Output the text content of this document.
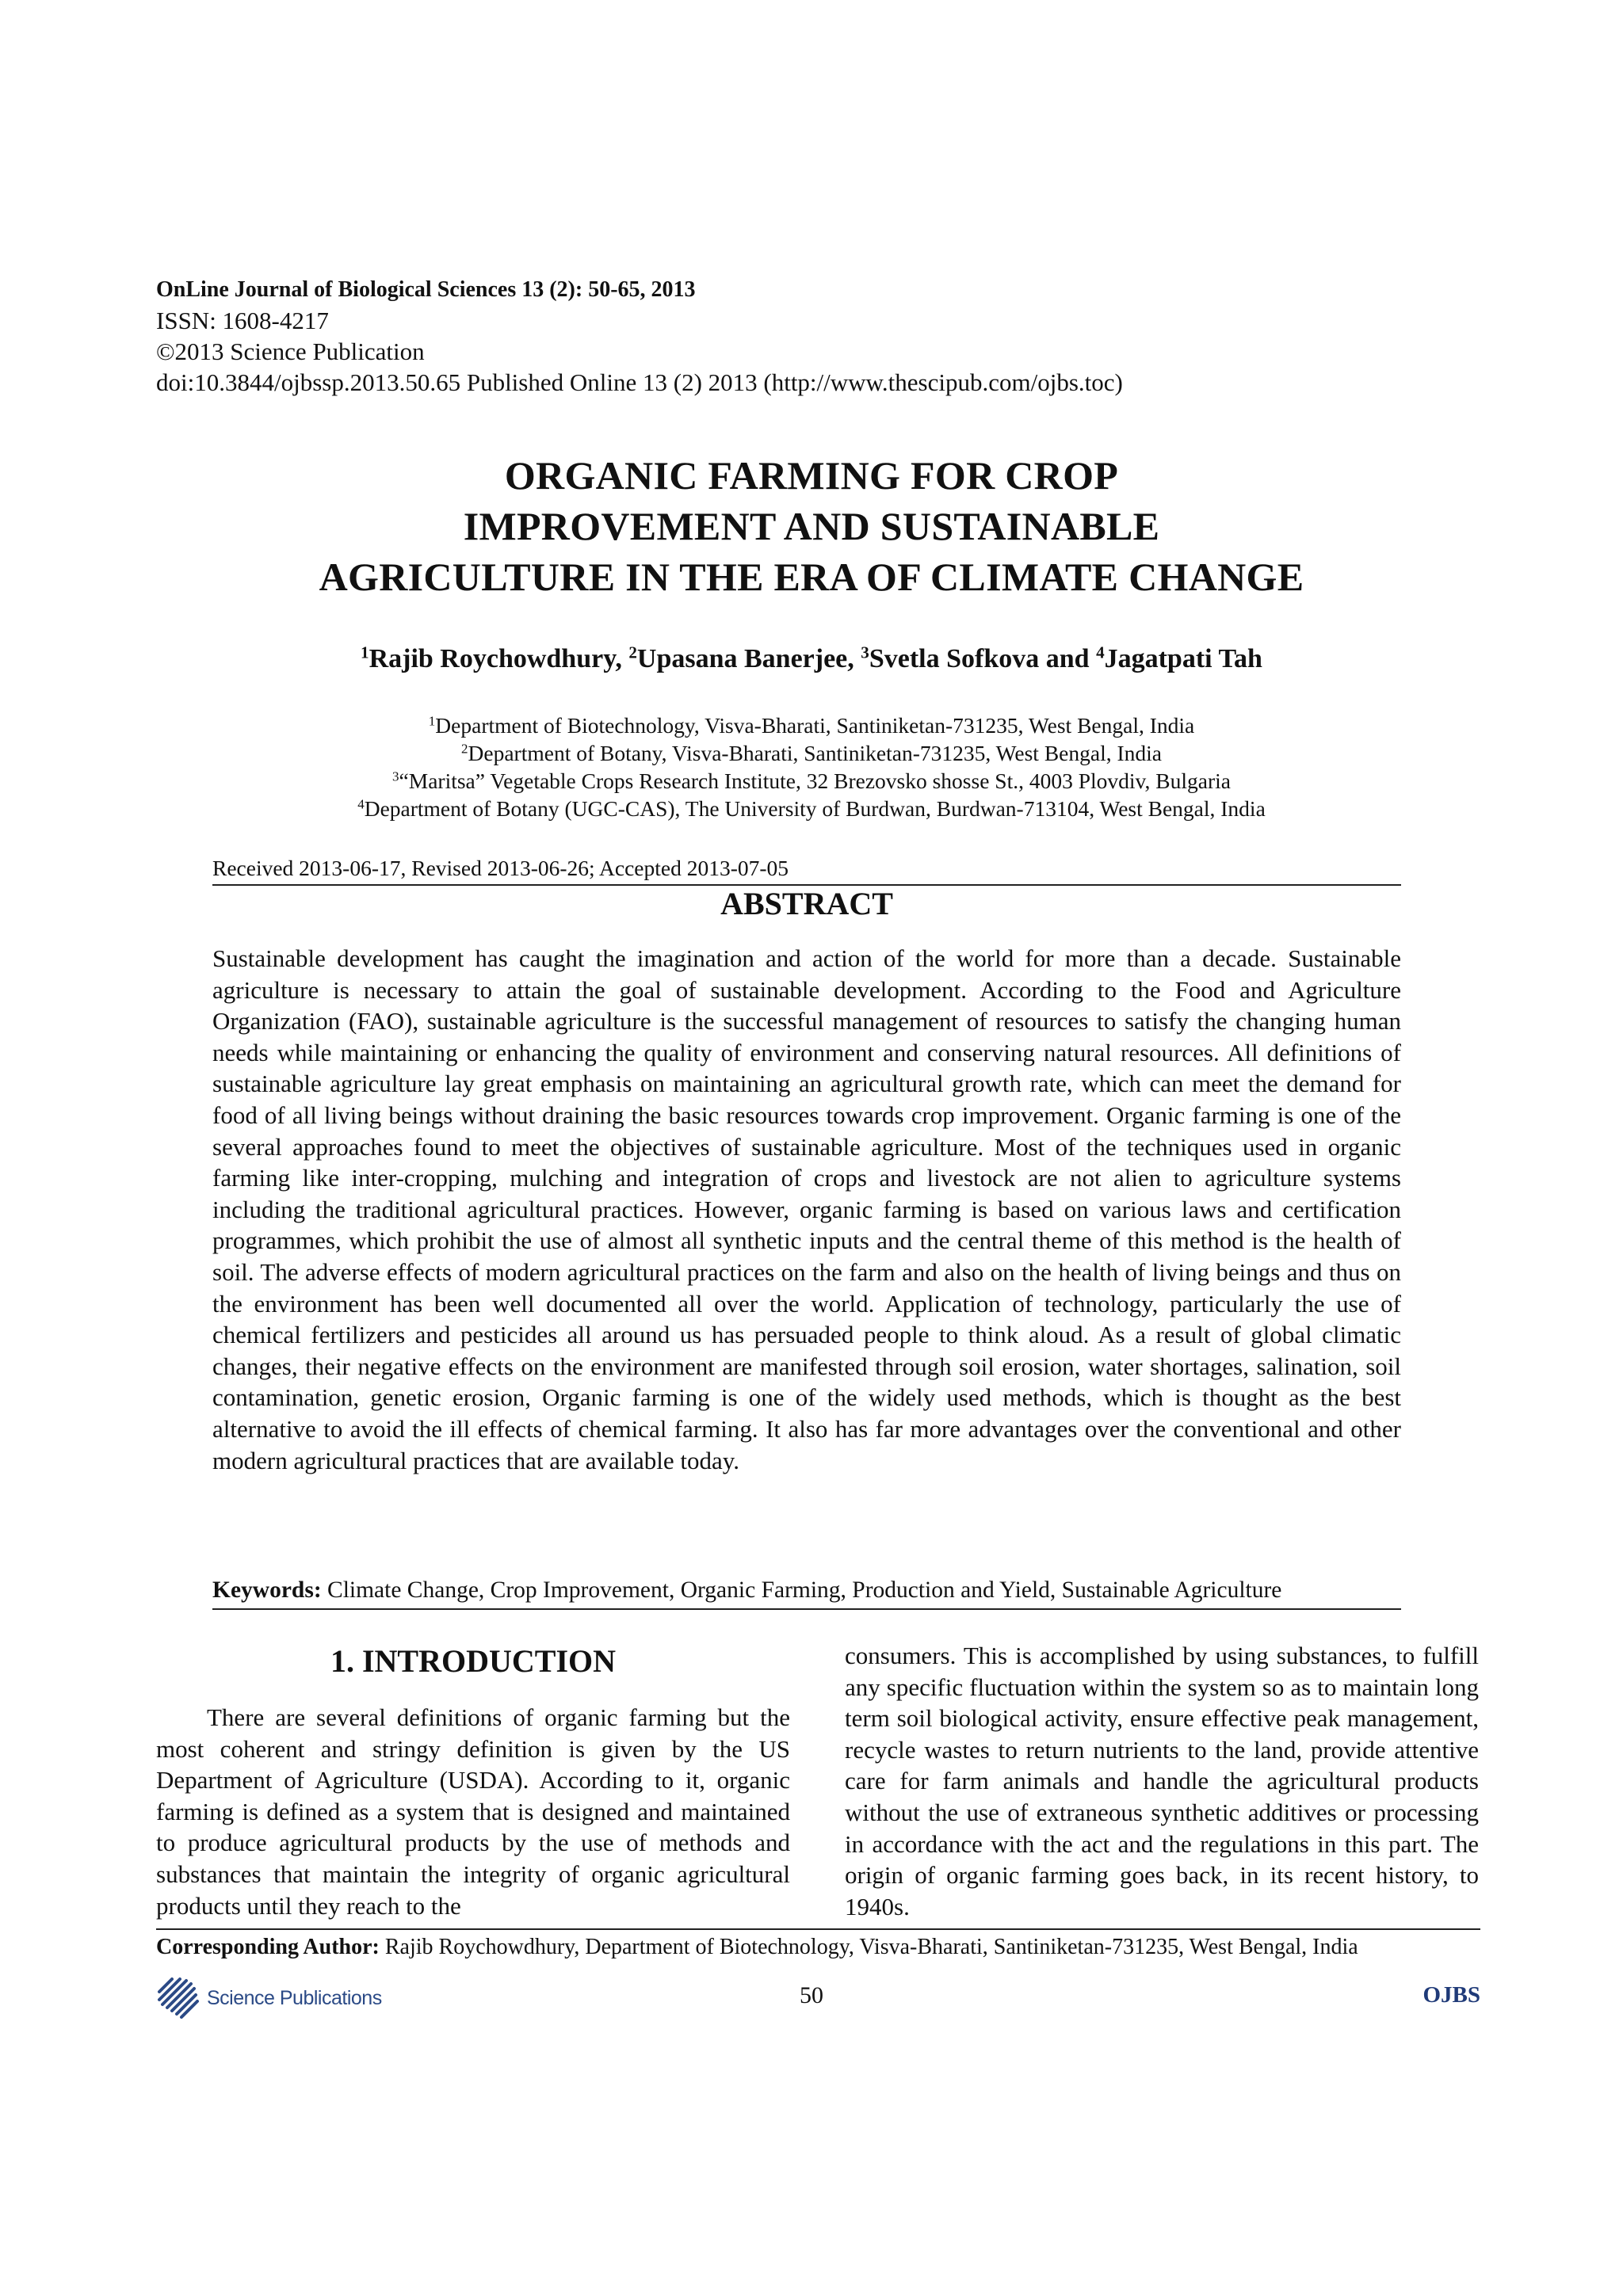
OnLine Journal of Biological Sciences 13 (2): 50-65, 2013
ISSN: 1608-4217
©2013 Science Publication
doi:10.3844/ojbssp.2013.50.65 Published Online 13 (2) 2013 (http://www.thescipub.com/ojbs.toc)
ORGANIC FARMING FOR CROP
IMPROVEMENT AND SUSTAINABLE
AGRICULTURE IN THE ERA OF CLIMATE CHANGE
$^1$Rajib Roychowdhury, $^2$Upasana Banerjee, $^3$Svetla Sofkova and $^4$Jagatpati Tah
$^1$Department of Biotechnology, Visva-Bharati, Santiniketan-731235, West Bengal, India
$^2$Department of Botany, Visva-Bharati, Santiniketan-731235, West Bengal, India
$^3$“Maritsa” Vegetable Crops Research Institute, 32 Brezovsko shosse St., 4003 Plovdiv, Bulgaria
$^4$Department of Botany (UGC-CAS), The University of Burdwan, Burdwan-713104, West Bengal, India
Received 2013-06-17, Revised 2013-06-26; Accepted 2013-07-05
ABSTRACT
Sustainable development has caught the imagination and action of the world for more than a decade. Sustainable agriculture is necessary to attain the goal of sustainable development. According to the Food and Agriculture Organization (FAO), sustainable agriculture is the successful management of resources to satisfy the changing human needs while maintaining or enhancing the quality of environment and conserving natural resources. All definitions of sustainable agriculture lay great emphasis on maintaining an agricultural growth rate, which can meet the demand for food of all living beings without draining the basic resources towards crop improvement. Organic farming is one of the several approaches found to meet the objectives of sustainable agriculture. Most of the techniques used in organic farming like inter-cropping, mulching and integration of crops and livestock are not alien to agriculture systems including the traditional agricultural practices. However, organic farming is based on various laws and certification programmes, which prohibit the use of almost all synthetic inputs and the central theme of this method is the health of soil. The adverse effects of modern agricultural practices on the farm and also on the health of living beings and thus on the environment has been well documented all over the world. Application of technology, particularly the use of chemical fertilizers and pesticides all around us has persuaded people to think aloud. As a result of global climatic changes, their negative effects on the environment are manifested through soil erosion, water shortages, salination, soil contamination, genetic erosion, Organic farming is one of the widely used methods, which is thought as the best alternative to avoid the ill effects of chemical farming. It also has far more advantages over the conventional and other modern agricultural practices that are available today.
Keywords: Climate Change, Crop Improvement, Organic Farming, Production and Yield, Sustainable Agriculture
1. INTRODUCTION
There are several definitions of organic farming but the most coherent and stringy definition is given by the US Department of Agriculture (USDA). According to it, organic farming is defined as a system that is designed and maintained to produce agricultural products by the use of methods and substances that maintain the integrity of organic agricultural products until they reach to the
consumers. This is accomplished by using substances, to fulfill any specific fluctuation within the system so as to maintain long term soil biological activity, ensure effective peak management, recycle wastes to return nutrients to the land, provide attentive care for farm animals and handle the agricultural products without the use of extraneous synthetic additives or processing in accordance with the act and the regulations in this part. The origin of organic farming goes back, in its recent history, to 1940s.
Corresponding Author: Rajib Roychowdhury, Department of Biotechnology, Visva-Bharati, Santiniketan-731235, West Bengal, India
Science Publications	50	OJBS
